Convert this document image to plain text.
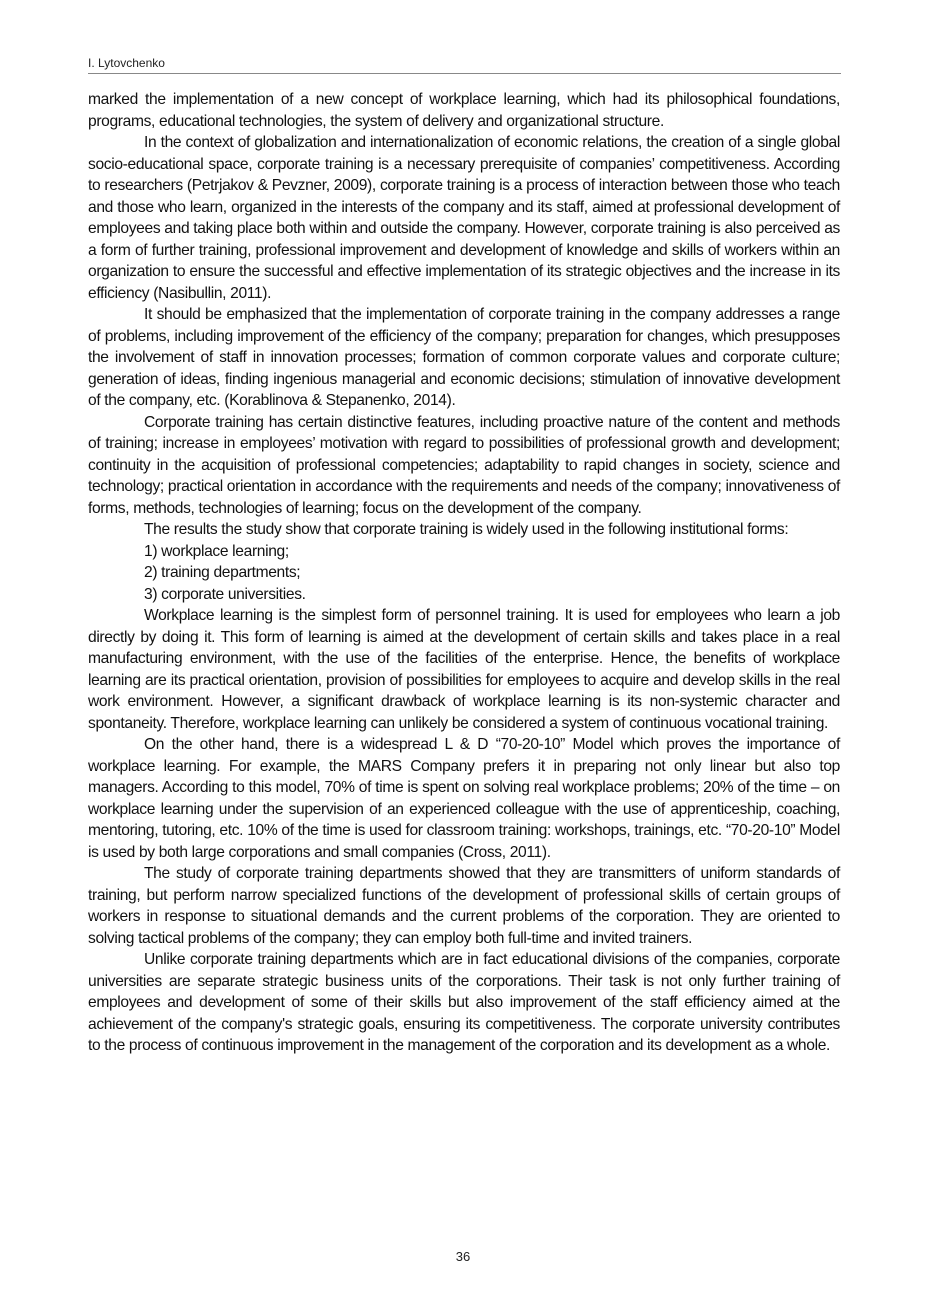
I. Lytovchenko

marked the implementation of a new concept of workplace learning, which had its philosophical foundations, programs, educational technologies, the system of delivery and organizational structure.

In the context of globalization and internationalization of economic relations, the creation of a single global socio-educational space, corporate training is a necessary prerequisite of companies’ competitiveness. According to researchers (Petrjakov & Pevzner, 2009), corporate training is a process of interaction between those who teach and those who learn, organized in the interests of the company and its staff, aimed at professional development of employees and taking place both within and outside the company. However, corporate training is also perceived as a form of further training, professional improvement and development of knowledge and skills of workers within an organization to ensure the successful and effective implementation of its strategic objectives and the increase in its efficiency (Nasibullin, 2011).

It should be emphasized that the implementation of corporate training in the company addresses a range of problems, including improvement of the efficiency of the company; preparation for changes, which presupposes the involvement of staff in innovation processes; formation of common corporate values and corporate culture; generation of ideas, finding ingenious managerial and economic decisions; stimulation of innovative development of the company, etc. (Korablinova & Stepanenko, 2014).

Corporate training has certain distinctive features, including proactive nature of the content and methods of training; increase in employees’ motivation with regard to possibilities of professional growth and development; continuity in the acquisition of professional competencies; adaptability to rapid changes in society, science and technology; practical orientation in accordance with the requirements and needs of the company; innovativeness of forms, methods, technologies of learning; focus on the development of the company.

The results the study show that corporate training is widely used in the following institutional forms:

1) workplace learning;
2) training departments;
3) corporate universities.

Workplace learning is the simplest form of personnel training. It is used for employees who learn a job directly by doing it. This form of learning is aimed at the development of certain skills and takes place in a real manufacturing environment, with the use of the facilities of the enterprise. Hence, the benefits of workplace learning are its practical orientation, provision of possibilities for employees to acquire and develop skills in the real work environment. However, a significant drawback of workplace learning is its non-systemic character and spontaneity. Therefore, workplace learning can unlikely be considered a system of continuous vocational training.

On the other hand, there is a widespread L & D “70-20-10” Model which proves the importance of workplace learning. For example, the MARS Company prefers it in preparing not only linear but also top managers. According to this model, 70% of time is spent on solving real workplace problems; 20% of the time – on workplace learning under the supervision of an experienced colleague with the use of apprenticeship, coaching, mentoring, tutoring, etc. 10% of the time is used for classroom training: workshops, trainings, etc. “70-20-10” Model is used by both large corporations and small companies (Cross, 2011).

The study of corporate training departments showed that they are transmitters of uniform standards of training, but perform narrow specialized functions of the development of professional skills of certain groups of workers in response to situational demands and the current problems of the corporation. They are oriented to solving tactical problems of the company; they can employ both full-time and invited trainers.

Unlike corporate training departments which are in fact educational divisions of the companies, corporate universities are separate strategic business units of the corporations. Their task is not only further training of employees and development of some of their skills but also improvement of the staff efficiency aimed at the achievement of the company's strategic goals, ensuring its competitiveness. The corporate university contributes to the process of continuous improvement in the management of the corporation and its development as a whole.

36
